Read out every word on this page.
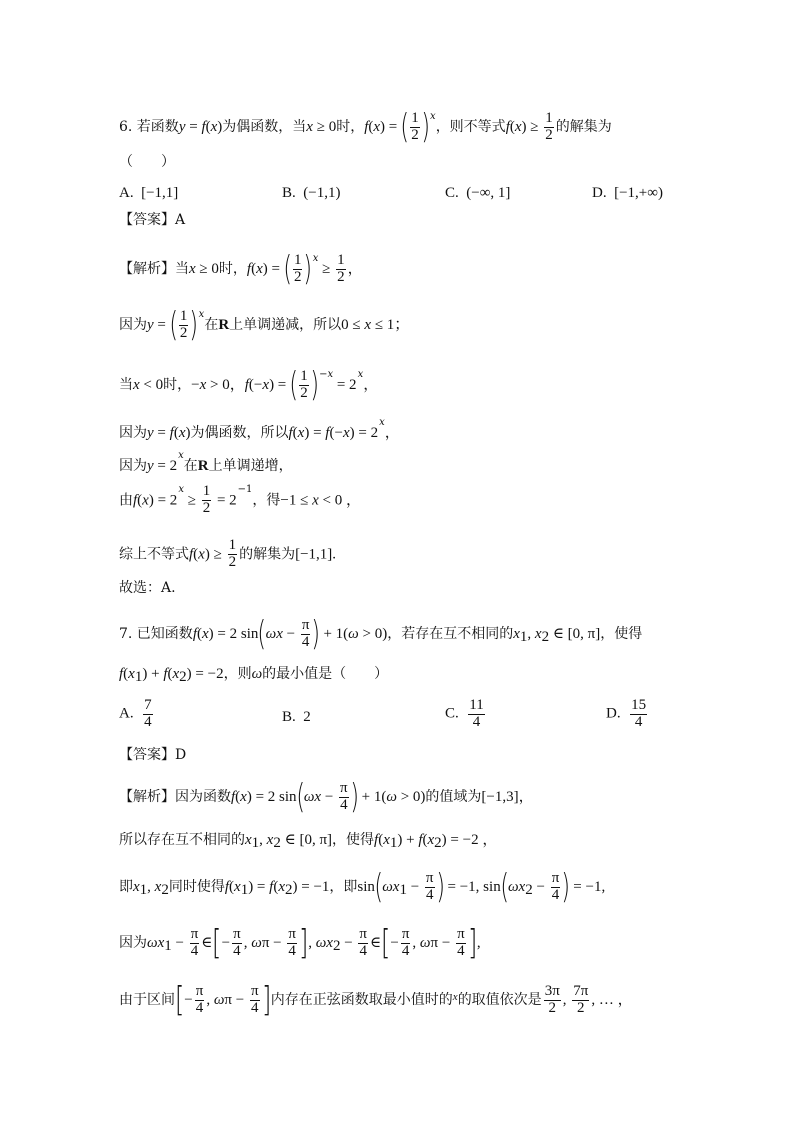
6. 若函数y = f(x)为偶函数，当x ≥ 0时，f(x) = ( $\frac{1}{2} )^x$，则不等式$f(x) \ge \frac{1}{2}$ 的解集为
（　　）
A. [−1,1]	B. (−1,1)	C. (−∞, 1]	D. [−1,+∞)
【答案】A
【解析】当x ≥ 0时，f(x) = ( $\frac{1}{2} )^x \ge \frac{1}{2}$ ，
因为y = ( $\frac{1}{2} )^x$在R上单调递减，所以0 ≤ x ≤ 1；
当x < 0时，−x > 0，f(−x) = ( $\frac{1}{2} )^{-x} = 2^x$，
因为y = f(x)为偶函数，所以$f(x) = f(-x) = 2^x$，
因为$y = 2^x$在R上单调递增，
由$f(x) = 2^x \ge \frac{1}{2} = 2^{-1}$，得−1 ≤ x < 0 ，
综上不等式$f(x) \ge \frac{1}{2}$ 的解集为[−1,1].
故选：A.
7. 已知函数f(x) = 2 $\sin(\omega x - \frac{\pi}{4}$ ) + 1(ω > 0)，若存在互不相同的$x_1$, $x_2$ ∈ [0, π]，使得
$f(x_1) + f(x_2) = -2$，则ω的最小值是（　　）
A. $\frac{7}{4}$	B. 2	C. $\frac{11}{4}$	D. $\frac{15}{4}$
【答案】D
【解析】因为函数f(x) = 2 $\sin(\omega x - \frac{\pi}{4}$ ) + 1(ω > 0)的值域为[−1,3]，
所以存在互不相同的$x_1$, $x_2$ ∈ [0, π]，使得$f(x_1) + f(x_2) = -2$ ，
即$x_1$, $x_2$同时使得$f(x_1) = f(x_2) = -1$，即$\sin(\omega x_1 - \frac{\pi}{4}$ ) = −1, $\sin(\omega x_2 - \frac{\pi}{4}$ ) = −1,
因为$\omega x_1 - \frac{\pi}{4}$ ∈[− $\frac{\pi}{4}$ , $\omega\pi - \frac{\pi}{4}$ ], $\omega x_2 - \frac{\pi}{4}$ ∈[− $\frac{\pi}{4}$ , $\omega\pi - \frac{\pi}{4}$ ],
由于区间[− $\frac{\pi}{4}$ , $\omega\pi - \frac{\pi}{4}$ ]内存在正弦函数取最小值时的$^x$的取值依次是 $\frac{3\pi}{2}$ , $\frac{7\pi}{2}$ , … ，
